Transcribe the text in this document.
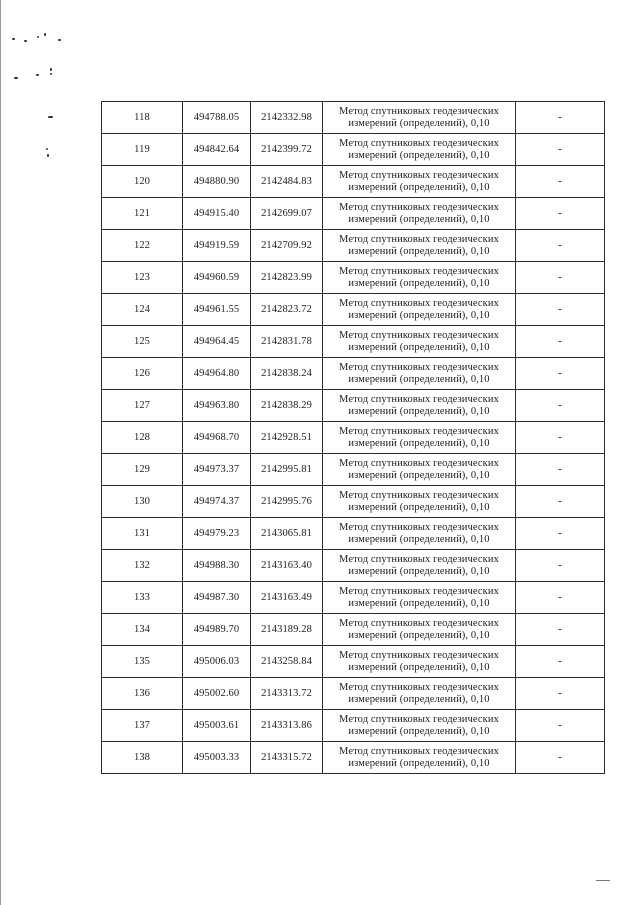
118	494788.05	2142332.98	Метод спутниковых геодезических
измерений (определений), 0,10	-
119	494842.64	2142399.72	Метод спутниковых геодезических
измерений (определений), 0,10	-
120	494880.90	2142484.83	Метод спутниковых геодезических
измерений (определений), 0,10	-
121	494915.40	2142699.07	Метод спутниковых геодезических
измерений (определений), 0,10	-
122	494919.59	2142709.92	Метод спутниковых геодезических
измерений (определений), 0,10	-
123	494960.59	2142823.99	Метод спутниковых геодезических
измерений (определений), 0,10	-
124	494961.55	2142823.72	Метод спутниковых геодезических
измерений (определений), 0,10	-
125	494964.45	2142831.78	Метод спутниковых геодезических
измерений (определений), 0,10	-
126	494964.80	2142838.24	Метод спутниковых геодезических
измерений (определений), 0,10	-
127	494963.80	2142838.29	Метод спутниковых геодезических
измерений (определений), 0,10	-
128	494968.70	2142928.51	Метод спутниковых геодезических
измерений (определений), 0,10	-
129	494973.37	2142995.81	Метод спутниковых геодезических
измерений (определений), 0,10	-
130	494974.37	2142995.76	Метод спутниковых геодезических
измерений (определений), 0,10	-
131	494979.23	2143065.81	Метод спутниковых геодезических
измерений (определений), 0,10	-
132	494988.30	2143163.40	Метод спутниковых геодезических
измерений (определений), 0,10	-
133	494987.30	2143163.49	Метод спутниковых геодезических
измерений (определений), 0,10	-
134	494989.70	2143189.28	Метод спутниковых геодезических
измерений (определений), 0,10	-
135	495006.03	2143258.84	Метод спутниковых геодезических
измерений (определений), 0,10	-
136	495002.60	2143313.72	Метод спутниковых геодезических
измерений (определений), 0,10	-
137	495003.61	2143313.86	Метод спутниковых геодезических
измерений (определений), 0,10	-
138	495003.33	2143315.72	Метод спутниковых геодезических
измерений (определений), 0,10	-
